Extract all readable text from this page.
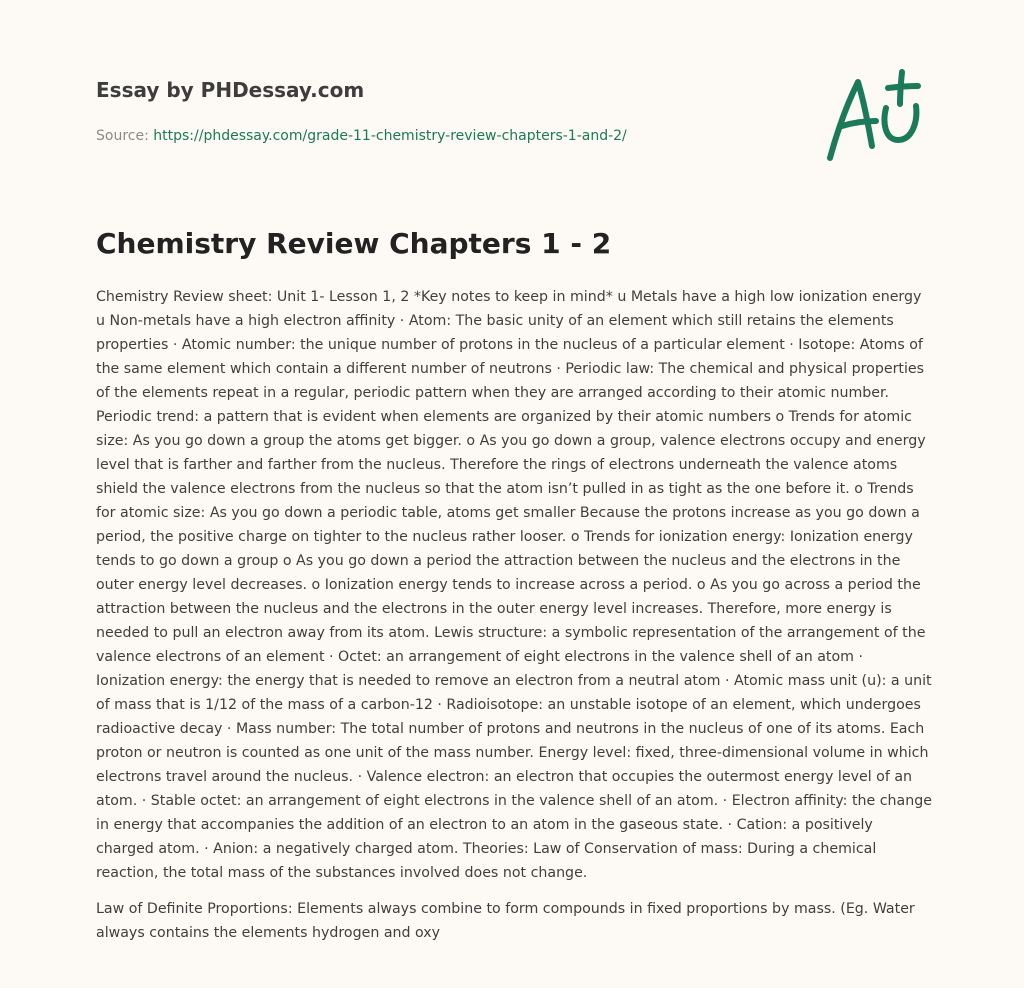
Essay by PHDessay.com
Source: https://phdessay.com/grade-11-chemistry-review-chapters-1-and-2/
Chemistry Review Chapters 1 - 2

Chemistry Review sheet: Unit 1- Lesson 1, 2 *Key notes to keep in mind* u Metals have a high low ionization energy u Non-metals have a high electron affinity · Atom: The basic unity of an element which still retains the elements properties · Atomic number: the unique number of protons in the nucleus of a particular element · Isotope: Atoms of the same element which contain a different number of neutrons · Periodic law: The chemical and physical properties of the elements repeat in a regular, periodic pattern when they are arranged according to their atomic number. Periodic trend: a pattern that is evident when elements are organized by their atomic numbers o Trends for atomic size: As you go down a group the atoms get bigger. o As you go down a group, valence electrons occupy and energy level that is farther and farther from the nucleus. Therefore the rings of electrons underneath the valence atoms shield the valence electrons from the nucleus so that the atom isn’t pulled in as tight as the one before it. o Trends for atomic size: As you go down a periodic table, atoms get smaller Because the protons increase as you go down a period, the positive charge on tighter to the nucleus rather looser. o Trends for ionization energy: Ionization energy tends to go down a group o As you go down a period the attraction between the nucleus and the electrons in the outer energy level decreases. o Ionization energy tends to increase across a period. o As you go across a period the attraction between the nucleus and the electrons in the outer energy level increases. Therefore, more energy is needed to pull an electron away from its atom. Lewis structure: a symbolic representation of the arrangement of the valence electrons of an element · Octet: an arrangement of eight electrons in the valence shell of an atom · Ionization energy: the energy that is needed to remove an electron from a neutral atom · Atomic mass unit (u): a unit of mass that is 1/12 of the mass of a carbon-12 · Radioisotope: an unstable isotope of an element, which undergoes radioactive decay · Mass number: The total number of protons and neutrons in the nucleus of one of its atoms. Each proton or neutron is counted as one unit of the mass number. Energy level: fixed, three-dimensional volume in which electrons travel around the nucleus. · Valence electron: an electron that occupies the outermost energy level of an atom. · Stable octet: an arrangement of eight electrons in the valence shell of an atom. · Electron affinity: the change in energy that accompanies the addition of an electron to an atom in the gaseous state. · Cation: a positively charged atom. · Anion: a negatively charged atom. Theories: Law of Conservation of mass: During a chemical reaction, the total mass of the substances involved does not change.

Law of Definite Proportions: Elements always combine to form compounds in fixed proportions by mass. (Eg. Water always contains the elements hydrogen and oxy
